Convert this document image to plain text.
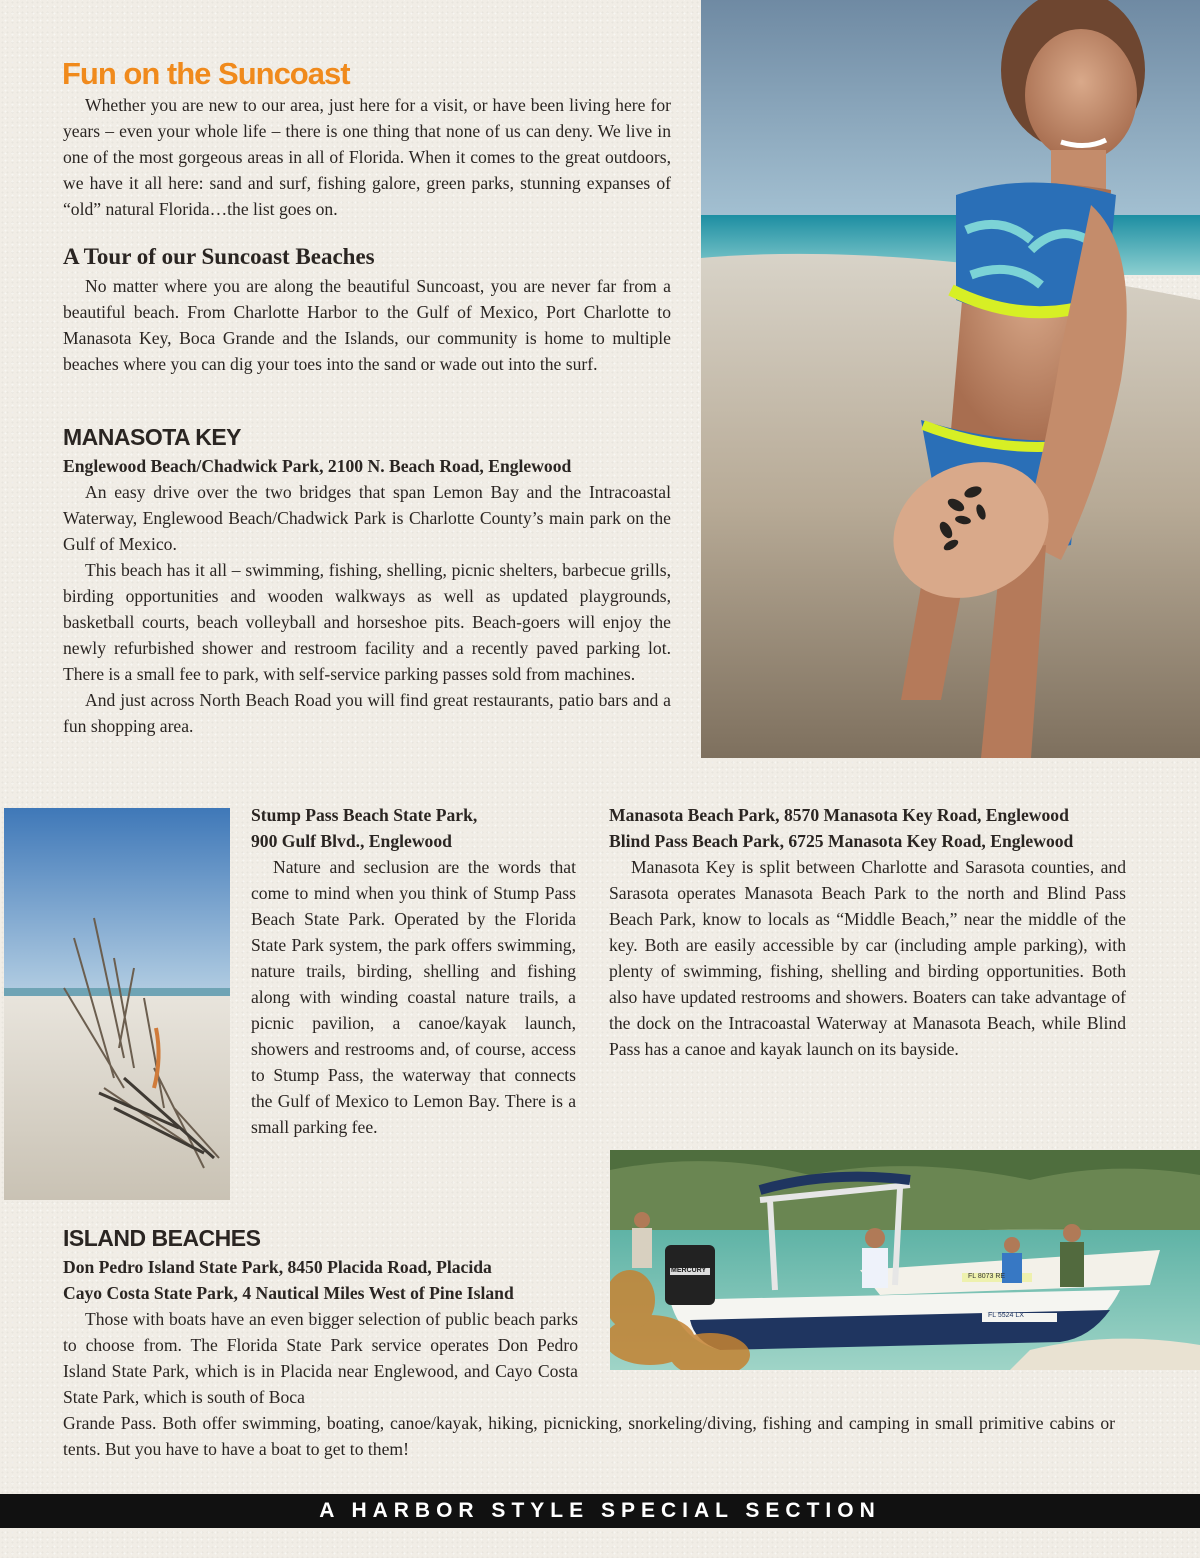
Fun on the Suncoast

Whether you are new to our area, just here for a visit, or have been living here for years – even your whole life – there is one thing that none of us can deny. We live in one of the most gorgeous areas in all of Florida. When it comes to the great outdoors, we have it all here: sand and surf, fishing galore, green parks, stunning expanses of “old” natural Florida…the list goes on.

A Tour of our Suncoast Beaches

No matter where you are along the beautiful Suncoast, you are never far from a beautiful beach. From Charlotte Harbor to the Gulf of Mexico, Port Charlotte to Manasota Key, Boca Grande and the Islands, our community is home to multiple beaches where you can dig your toes into the sand or wade out into the surf.

MANASOTA KEY
Englewood Beach/Chadwick Park, 2100 N. Beach Road, Englewood

An easy drive over the two bridges that span Lemon Bay and the Intracoastal Waterway, Englewood Beach/Chadwick Park is Charlotte County’s main park on the Gulf of Mexico.

This beach has it all – swimming, fishing, shelling, picnic shelters, barbecue grills, birding opportunities and wooden walkways as well as updated playgrounds, basketball courts, beach volleyball and horseshoe pits. Beach-goers will enjoy the newly refurbished shower and restroom facility and a recently paved parking lot. There is a small fee to park, with self-service parking passes sold from machines.

And just across North Beach Road you will find great restaurants, patio bars and a fun shopping area.

Stump Pass Beach State Park,
900 Gulf Blvd., Englewood

Nature and seclusion are the words that come to mind when you think of Stump Pass Beach State Park. Operated by the Florida State Park system, the park offers swimming, nature trails, birding, shelling and fishing along with winding coastal nature trails, a picnic pavilion, a canoe/kayak launch, showers and restrooms and, of course, access to Stump Pass, the waterway that connects the Gulf of Mexico to Lemon Bay. There is a small parking fee.

Manasota Beach Park, 8570 Manasota Key Road, Englewood
Blind Pass Beach Park, 6725 Manasota Key Road, Englewood

Manasota Key is split between Charlotte and Sarasota counties, and Sarasota operates Manasota Beach Park to the north and Blind Pass Beach Park, know to locals as “Middle Beach,” near the middle of the key. Both are easily accessible by car (including ample parking), with plenty of swimming, fishing, shelling and birding opportunities. Both also have updated restrooms and showers. Boaters can take advantage of the dock on the Intracoastal Waterway at Manasota Beach, while Blind Pass has a canoe and kayak launch on its bayside.

FL 5524 LX
FL 8073 RE
MERCURY
ISLAND BEACHES
Don Pedro Island State Park, 8450 Placida Road, Placida
Cayo Costa State Park, 4 Nautical Miles West of Pine Island

Those with boats have an even bigger selection of public beach parks to choose from. The Florida State Park service operates Don Pedro Island State Park, which is in Placida near Englewood, and Cayo Costa State Park, which is south of Boca

Grande Pass. Both offer swimming, boating, canoe/kayak, hiking, picnicking, snorkeling/diving, fishing and camping in small primitive cabins or tents. But you have to have a boat to get to them!

A HARBOR STYLE SPECIAL SECTION
